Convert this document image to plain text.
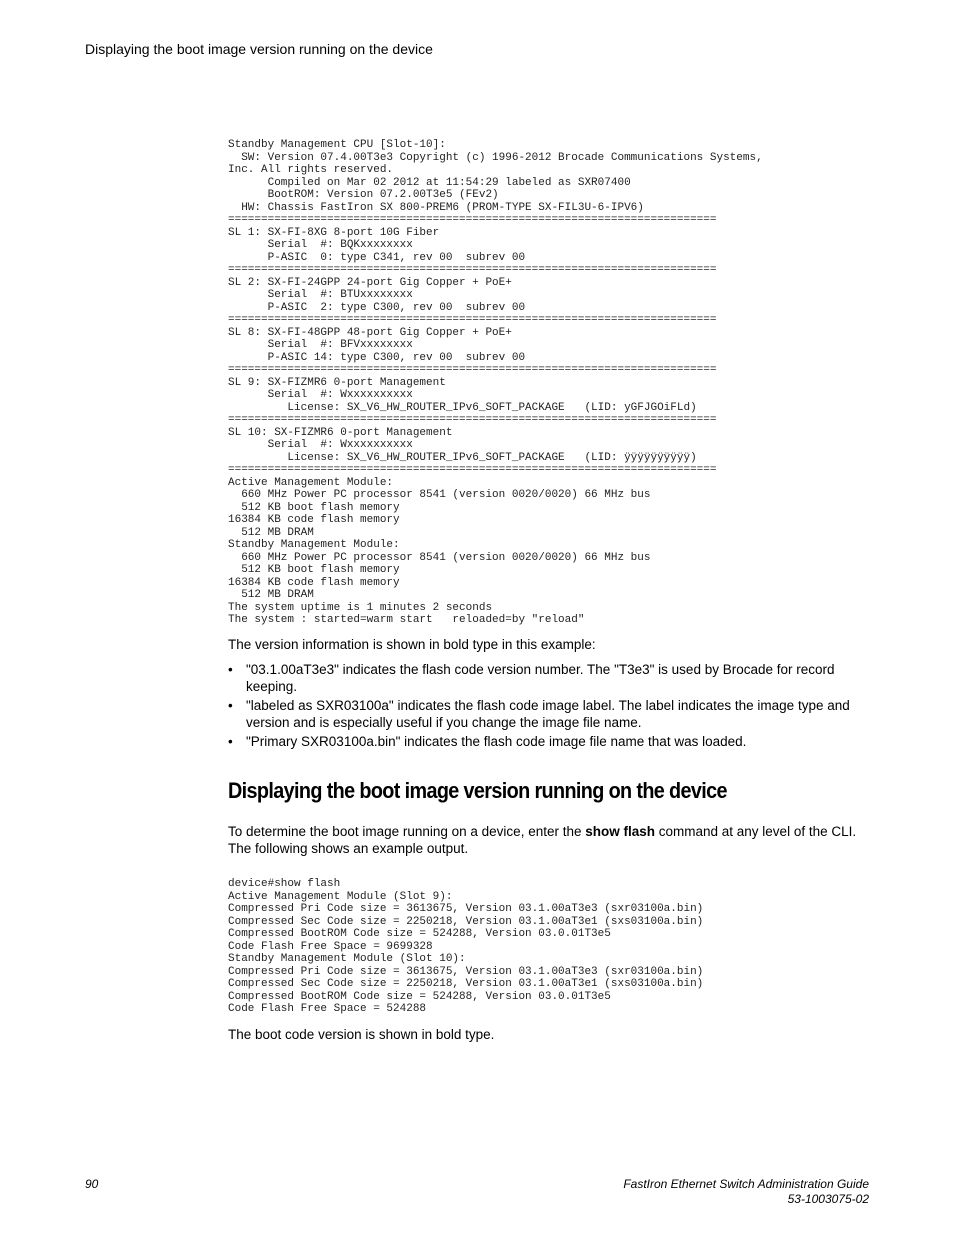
Displaying the boot image version running on the device
Standby Management CPU [Slot-10]:
SW: Version 07.4.00T3e3 Copyright (c) 1996-2012 Brocade Communications Systems,
Inc. All rights reserved.
Compiled on Mar 02 2012 at 11:54:29 labeled as SXR07400
BootROM: Version 07.2.00T3e5 (FEv2)
HW: Chassis FastIron SX 800-PREM6 (PROM-TYPE SX-FIL3U-6-IPV6)
==========================================================================
SL 1: SX-FI-8XG 8-port 10G Fiber
Serial  #: BQKxxxxxxxx
P-ASIC  0: type C341, rev 00  subrev 00
==========================================================================
SL 2: SX-FI-24GPP 24-port Gig Copper + PoE+
Serial  #: BTUxxxxxxxx
P-ASIC  2: type C300, rev 00  subrev 00
==========================================================================
SL 8: SX-FI-48GPP 48-port Gig Copper + PoE+
Serial  #: BFVxxxxxxxx
P-ASIC 14: type C300, rev 00  subrev 00
==========================================================================
SL 9: SX-FIZMR6 0-port Management
Serial  #: Wxxxxxxxxxx
License: SX_V6_HW_ROUTER_IPv6_SOFT_PACKAGE   (LID: yGFJGOiFLd)
==========================================================================
SL 10: SX-FIZMR6 0-port Management
Serial  #: Wxxxxxxxxxx
License: SX_V6_HW_ROUTER_IPv6_SOFT_PACKAGE   (LID: ÿÿÿÿÿÿÿÿÿÿ)
==========================================================================
Active Management Module:
660 MHz Power PC processor 8541 (version 0020/0020) 66 MHz bus
512 KB boot flash memory
16384 KB code flash memory
512 MB DRAM
Standby Management Module:
660 MHz Power PC processor 8541 (version 0020/0020) 66 MHz bus
512 KB boot flash memory
16384 KB code flash memory
512 MB DRAM
The system uptime is 1 minutes 2 seconds
The system : started=warm start   reloaded=by "reload"

The version information is shown in bold type in this example:

• "03.1.00aT3e3" indicates the flash code version number. The "T3e3" is used by Brocade for record keeping.
• "labeled as SXR03100a" indicates the flash code image label. The label indicates the image type and version and is especially useful if you change the image file name.
• "Primary SXR03100a.bin" indicates the flash code image file name that was loaded.
Displaying the boot image version running on the device

To determine the boot image running on a device, enter the show flash command at any level of the CLI. The following shows an example output.

device#show flash
Active Management Module (Slot 9):
Compressed Pri Code size = 3613675, Version 03.1.00aT3e3 (sxr03100a.bin)
Compressed Sec Code size = 2250218, Version 03.1.00aT3e1 (sxs03100a.bin)
Compressed BootROM Code size = 524288, Version 03.0.01T3e5
Code Flash Free Space = 9699328
Standby Management Module (Slot 10):
Compressed Pri Code size = 3613675, Version 03.1.00aT3e3 (sxr03100a.bin)
Compressed Sec Code size = 2250218, Version 03.1.00aT3e1 (sxs03100a.bin)
Compressed BootROM Code size = 524288, Version 03.0.01T3e5
Code Flash Free Space = 524288

The boot code version is shown in bold type.

90	FastIron Ethernet Switch Administration Guide
53-1003075-02
